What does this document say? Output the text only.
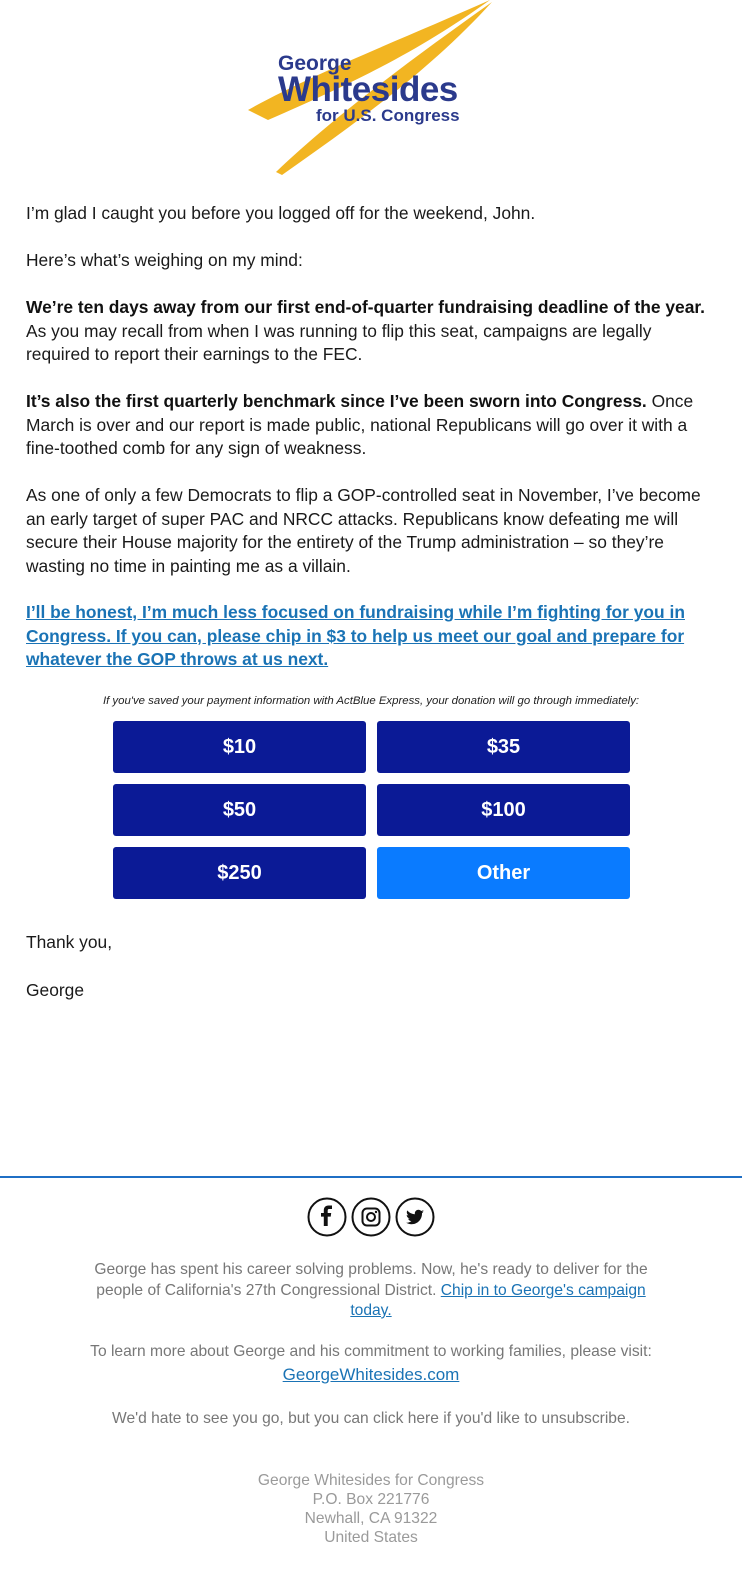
George
Whitesides
for U.S. Congress

I’m glad I caught you before you logged off for the weekend, John.

Here’s what’s weighing on my mind:

We’re ten days away from our first end-of-quarter fundraising deadline of the year. As you may recall from when I was running to flip this seat, campaigns are legally required to report their earnings to the FEC.

It’s also the first quarterly benchmark since I’ve been sworn into Congress. Once March is over and our report is made public, national Republicans will go over it with a fine-toothed comb for any sign of weakness.

As one of only a few Democrats to flip a GOP-controlled seat in November, I’ve become an early target of super PAC and NRCC attacks. Republicans know defeating me will secure their House majority for the entirety of the Trump administration – so they’re wasting no time in painting me as a villain.

I’ll be honest, I’m much less focused on fundraising while I’m fighting for you in Congress. If you can, please chip in $3 to help us meet our goal and prepare for whatever the GOP throws at us next.

If you've saved your payment information with ActBlue Express, your donation will go through immediately:

$10	$35
$50	$100
$250	Other

Thank you,

George

George has spent his career solving problems. Now, he's ready to deliver for the people of California's 27th Congressional District. Chip in to George's campaign today.

To learn more about George and his commitment to working families, please visit:
GeorgeWhitesides.com

We'd hate to see you go, but you can click here if you'd like to unsubscribe.

George Whitesides for Congress
P.O. Box 221776
Newhall, CA 91322
United States
